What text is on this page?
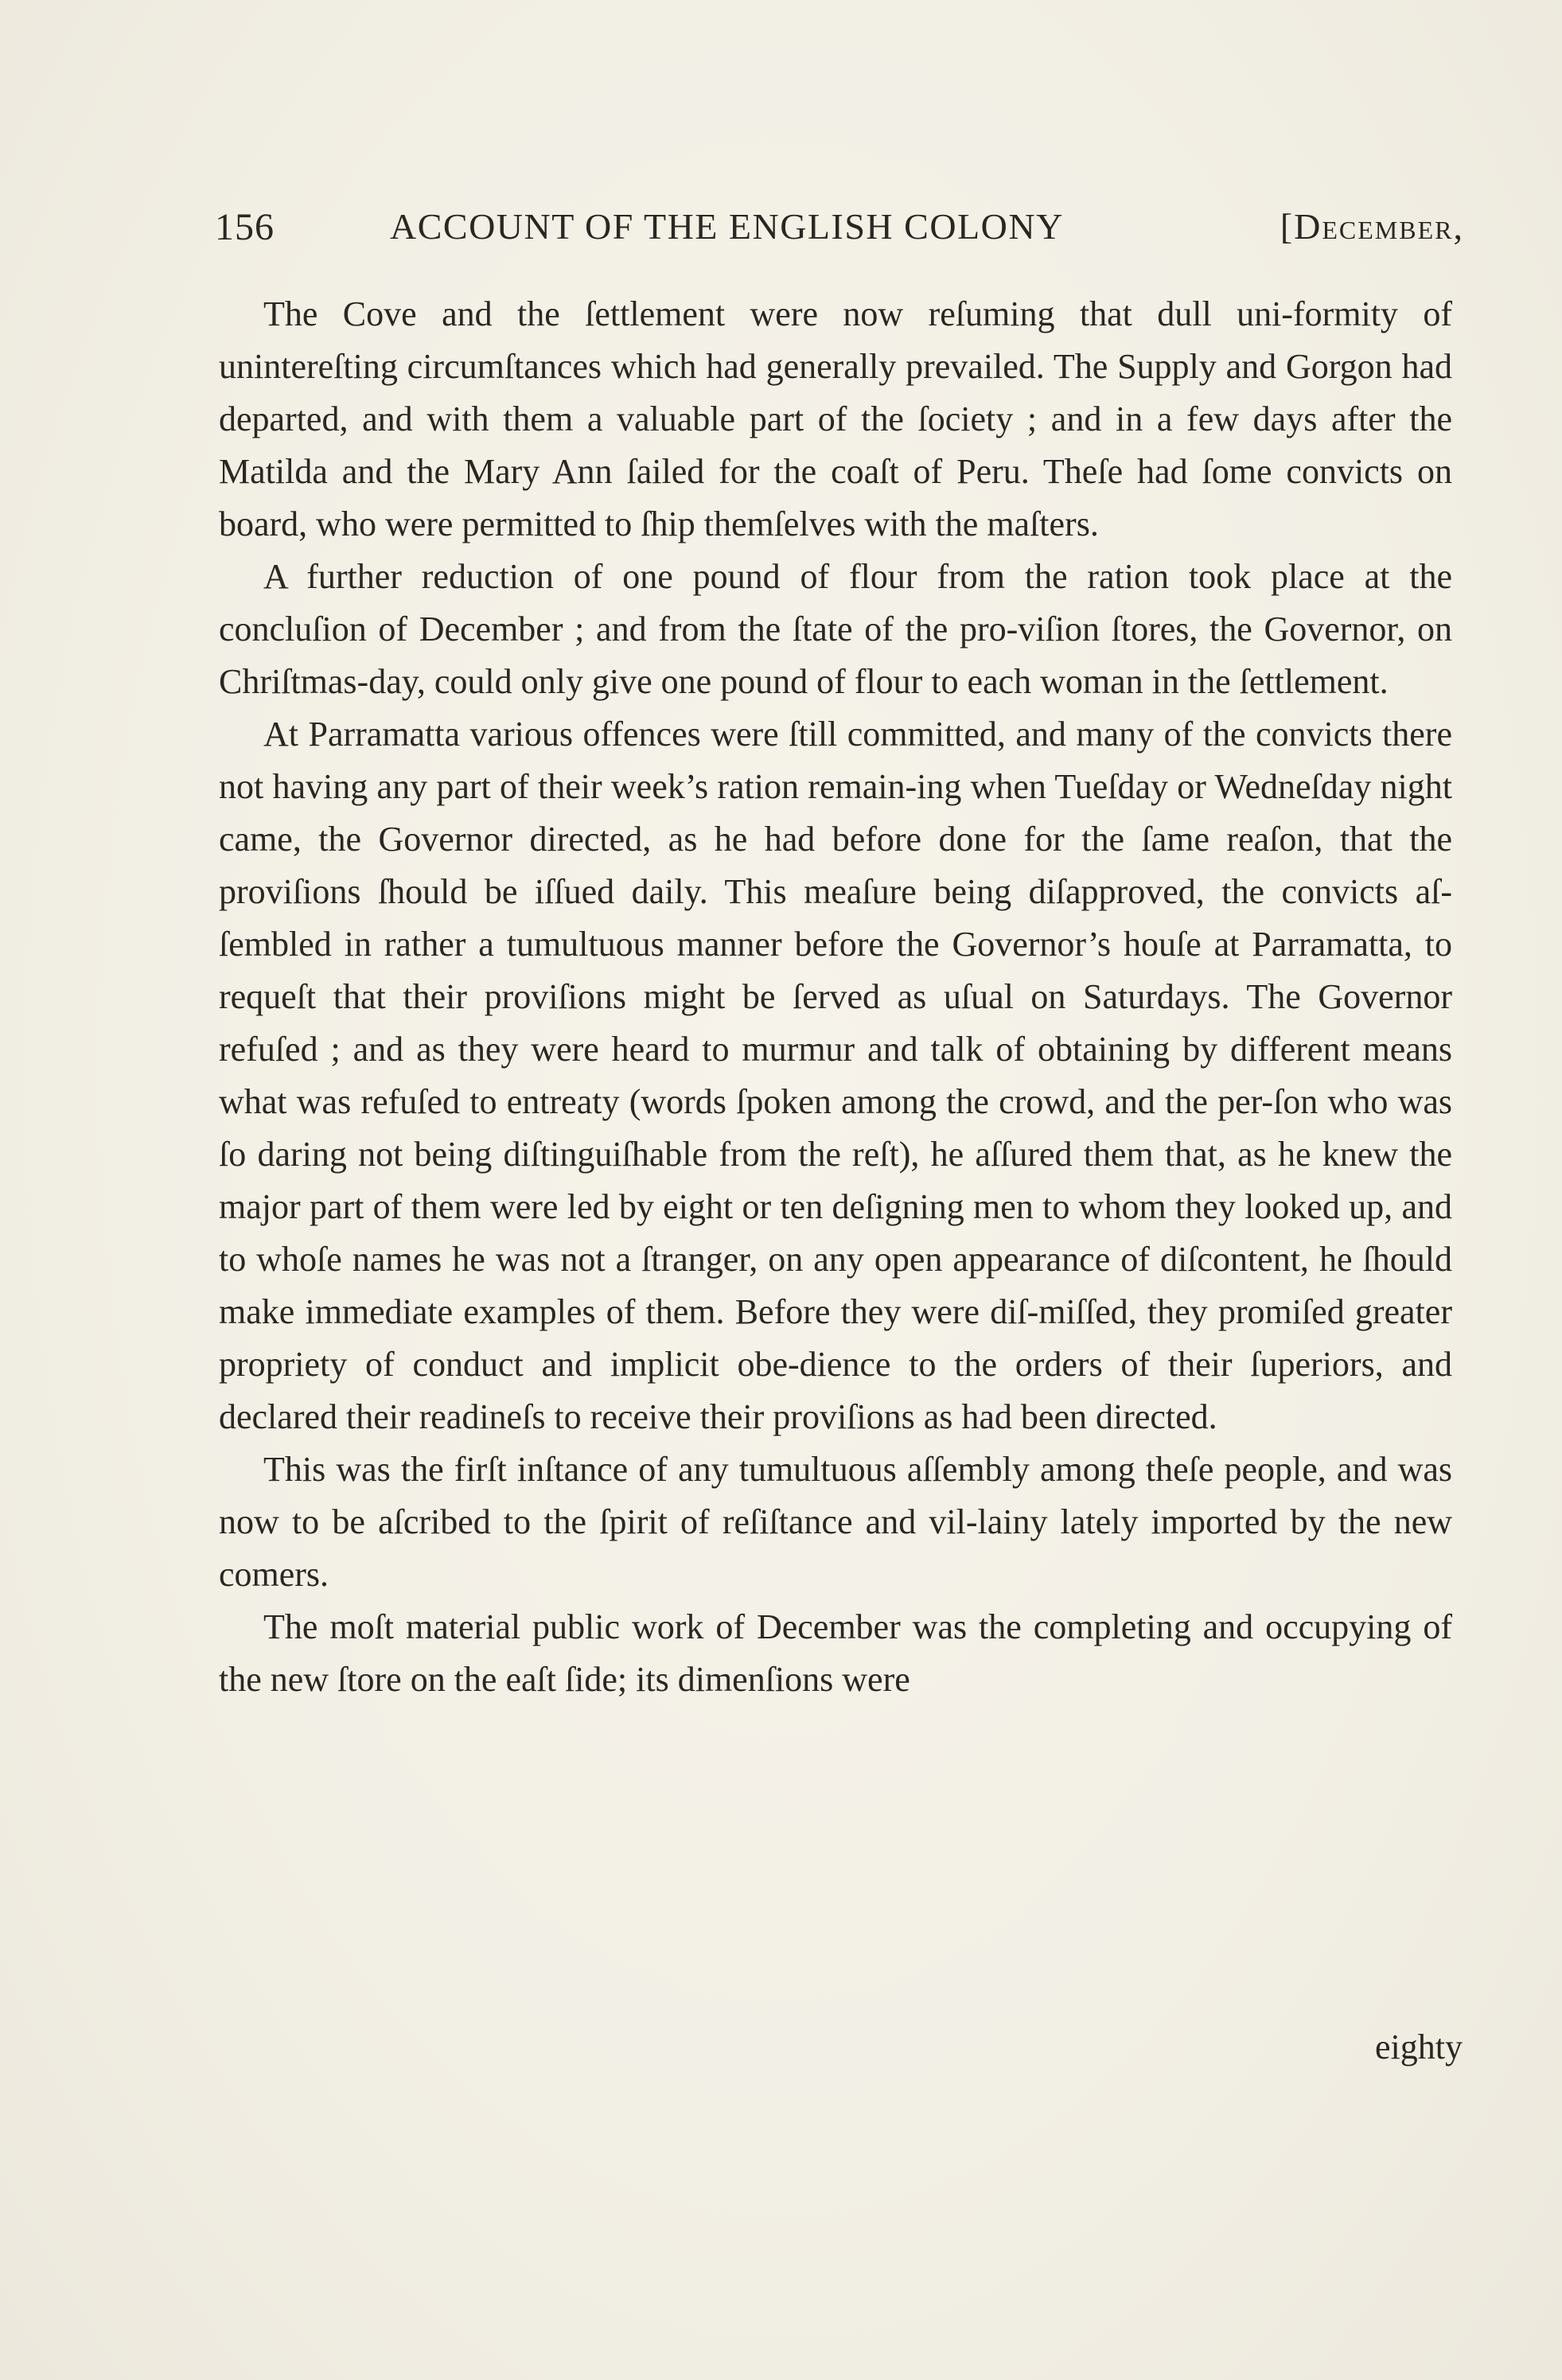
156	ACCOUNT OF THE ENGLISH COLONY	[December,

The Cove and the ſettlement were now reſuming that dull uni-formity of unintereſting circumſtances which had generally prevailed. The Supply and Gorgon had departed, and with them a valuable part of the ſociety ; and in a few days after the Matilda and the Mary Ann ſailed for the coaſt of Peru. Theſe had ſome convicts on board, who were permitted to ſhip themſelves with the maſters.

A further reduction of one pound of flour from the ration took place at the concluſion of December ; and from the ſtate of the pro-viſion ſtores, the Governor, on Chriſtmas-day, could only give one pound of flour to each woman in the ſettlement.

At Parramatta various offences were ſtill committed, and many of the convicts there not having any part of their week’s ration remain-ing when Tueſday or Wedneſday night came, the Governor directed, as he had before done for the ſame reaſon, that the proviſions ſhould be iſſued daily. This meaſure being diſapproved, the convicts aſ-ſembled in rather a tumultuous manner before the Governor’s houſe at Parramatta, to requeſt that their proviſions might be ſerved as uſual on Saturdays. The Governor refuſed ; and as they were heard to murmur and talk of obtaining by different means what was refuſed to entreaty (words ſpoken among the crowd, and the per-ſon who was ſo daring not being diſtinguiſhable from the reſt), he aſſured them that, as he knew the major part of them were led by eight or ten deſigning men to whom they looked up, and to whoſe names he was not a ſtranger, on any open appearance of diſcontent, he ſhould make immediate examples of them. Before they were diſ-miſſed, they promiſed greater propriety of conduct and implicit obe-dience to the orders of their ſuperiors, and declared their readineſs to receive their proviſions as had been directed.

This was the firſt inſtance of any tumultuous aſſembly among theſe people, and was now to be aſcribed to the ſpirit of reſiſtance and vil-lainy lately imported by the new comers.

The moſt material public work of December was the completing and occupying of the new ſtore on the eaſt ſide; its dimenſions were

eighty
